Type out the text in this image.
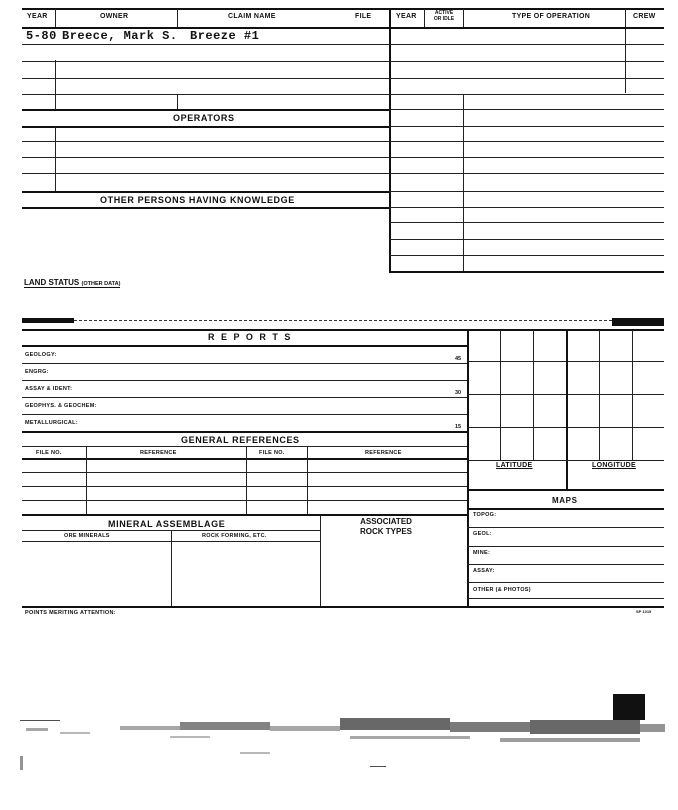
YEAR	OWNER	CLAIM NAME	FILE	YEAR	ACTIVE
OR IDLE	TYPE OF OPERATION	CREW
5-80 Breece, Mark S. Breeze #1
OPERATORS
OTHER PERSONS HAVING KNOWLEDGE
LAND STATUS (OTHER DATA)
R E P O R T S
GEOLOGY:
45
ENGRG:
ASSAY & IDENT:
30
GEOPHYS. & GEOCHEM:
METALLURGICAL:
15
GENERAL REFERENCES
FILE NO.	REFERENCE	FILE NO.	REFERENCE
MINERAL ASSEMBLAGE	ASSOCIATED
ROCK TYPES
ORE MINERALS	ROCK FORMING, ETC.
LATITUDE	LONGITUDE
MAPS
TOPOG:
GEOL:
MINE:
ASSAY:
OTHER (& PHOTOS)
POINTS MERITING ATTENTION:	SP 1015
